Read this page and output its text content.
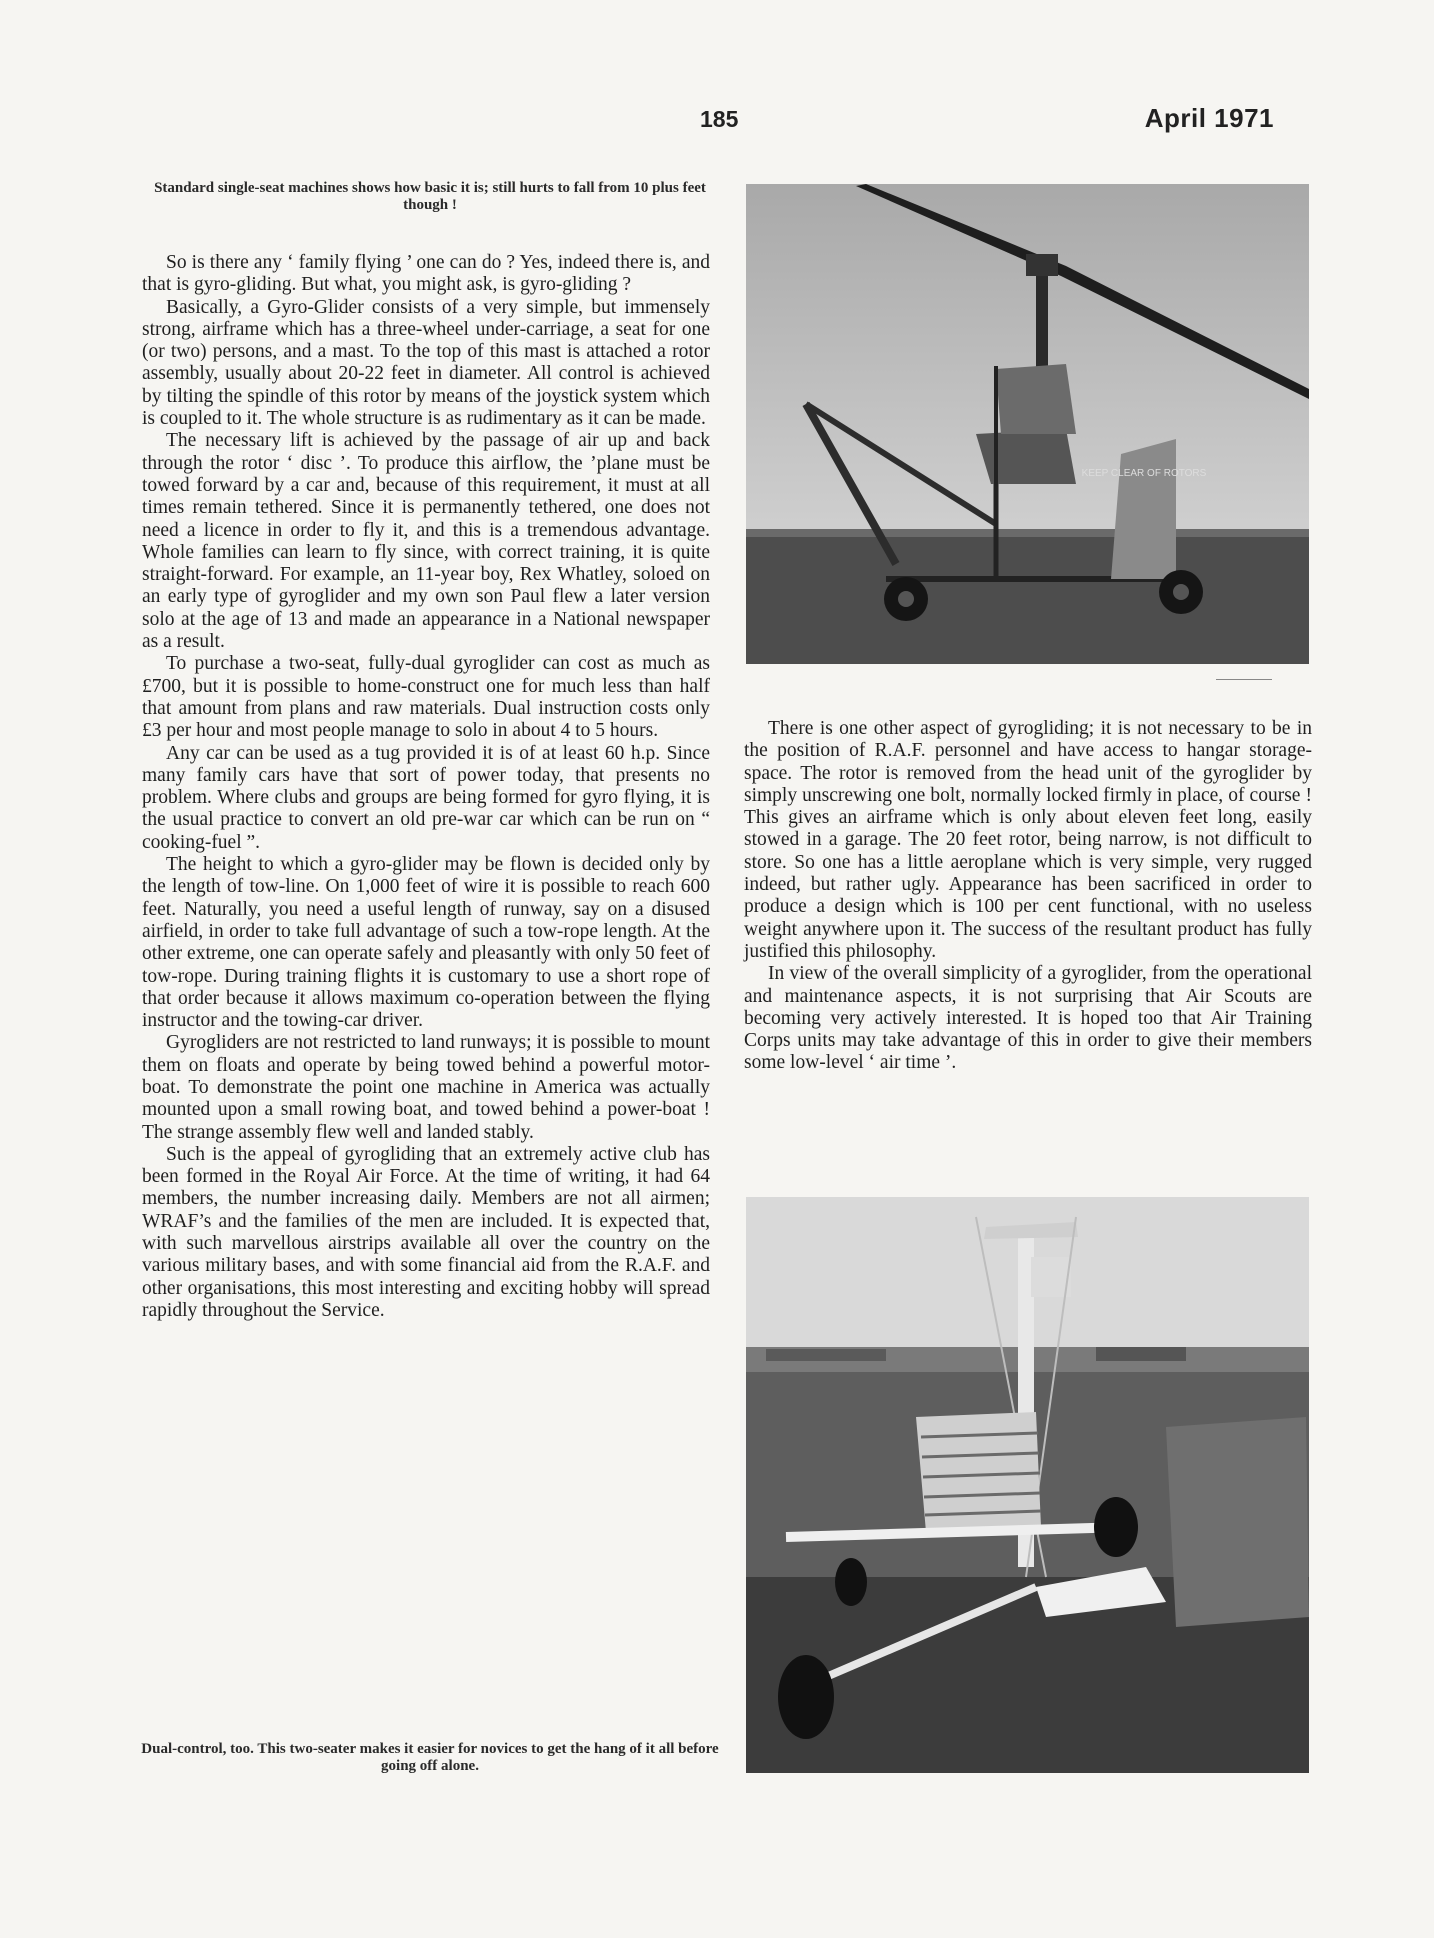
185	April 1971
Standard single-seat machines shows how basic it is; still hurts to fall from 10 plus feet though !

So is there any ‘ family flying ’ one can do ? Yes, indeed there is, and that is gyro-gliding. But what, you might ask, is gyro-gliding ?

Basically, a Gyro-Glider consists of a very simple, but immensely strong, airframe which has a three-wheel under-carriage, a seat for one (or two) persons, and a mast. To the top of this mast is attached a rotor assembly, usually about 20-22 feet in diameter. All control is achieved by tilting the spindle of this rotor by means of the joystick system which is coupled to it. The whole structure is as rudimentary as it can be made.

The necessary lift is achieved by the passage of air up and back through the rotor ‘ disc ’. To produce this airflow, the ’plane must be towed forward by a car and, because of this requirement, it must at all times remain tethered. Since it is permanently tethered, one does not need a licence in order to fly it, and this is a tremendous advantage. Whole families can learn to fly since, with correct training, it is quite straight-forward. For example, an 11-year boy, Rex Whatley, soloed on an early type of gyroglider and my own son Paul flew a later version solo at the age of 13 and made an appearance in a National newspaper as a result.

To purchase a two-seat, fully-dual gyroglider can cost as much as £700, but it is possible to home-construct one for much less than half that amount from plans and raw materials. Dual instruction costs only £3 per hour and most people manage to solo in about 4 to 5 hours.

Any car can be used as a tug provided it is of at least 60 h.p. Since many family cars have that sort of power today, that presents no problem. Where clubs and groups are being formed for gyro flying, it is the usual practice to convert an old pre-war car which can be run on “ cooking-fuel ”.

The height to which a gyro-glider may be flown is decided only by the length of tow-line. On 1,000 feet of wire it is possible to reach 600 feet. Naturally, you need a useful length of runway, say on a disused airfield, in order to take full advantage of such a tow-rope length. At the other extreme, one can operate safely and pleasantly with only 50 feet of tow-rope. During training flights it is customary to use a short rope of that order because it allows maximum co-operation between the flying instructor and the towing-car driver.

Gyrogliders are not restricted to land runways; it is possible to mount them on floats and operate by being towed behind a powerful motor-boat. To demonstrate the point one machine in America was actually mounted upon a small rowing boat, and towed behind a power-boat ! The strange assembly flew well and landed stably.

Such is the appeal of gyrogliding that an extremely active club has been formed in the Royal Air Force. At the time of writing, it had 64 members, the number increasing daily. Members are not all airmen; WRAF’s and the families of the men are included. It is expected that, with such marvellous airstrips available all over the country on the various military bases, and with some financial aid from the R.A.F. and other organisations, this most interesting and exciting hobby will spread rapidly throughout the Service.

Dual-control, too. This two-seater makes it easier for novices to get the hang of it all before going off alone.
KEEP CLEAR OF ROTORS

There is one other aspect of gyrogliding; it is not necessary to be in the position of R.A.F. personnel and have access to hangar storage-space. The rotor is removed from the head unit of the gyroglider by simply unscrewing one bolt, normally locked firmly in place, of course ! This gives an airframe which is only about eleven feet long, easily stowed in a garage. The 20 feet rotor, being narrow, is not difficult to store. So one has a little aeroplane which is very simple, very rugged indeed, but rather ugly. Appearance has been sacrificed in order to produce a design which is 100 per cent functional, with no useless weight anywhere upon it. The success of the resultant product has fully justified this philosophy.

In view of the overall simplicity of a gyroglider, from the operational and maintenance aspects, it is not surprising that Air Scouts are becoming very actively interested. It is hoped too that Air Training Corps units may take advantage of this in order to give their members some low-level ‘ air time ’.
